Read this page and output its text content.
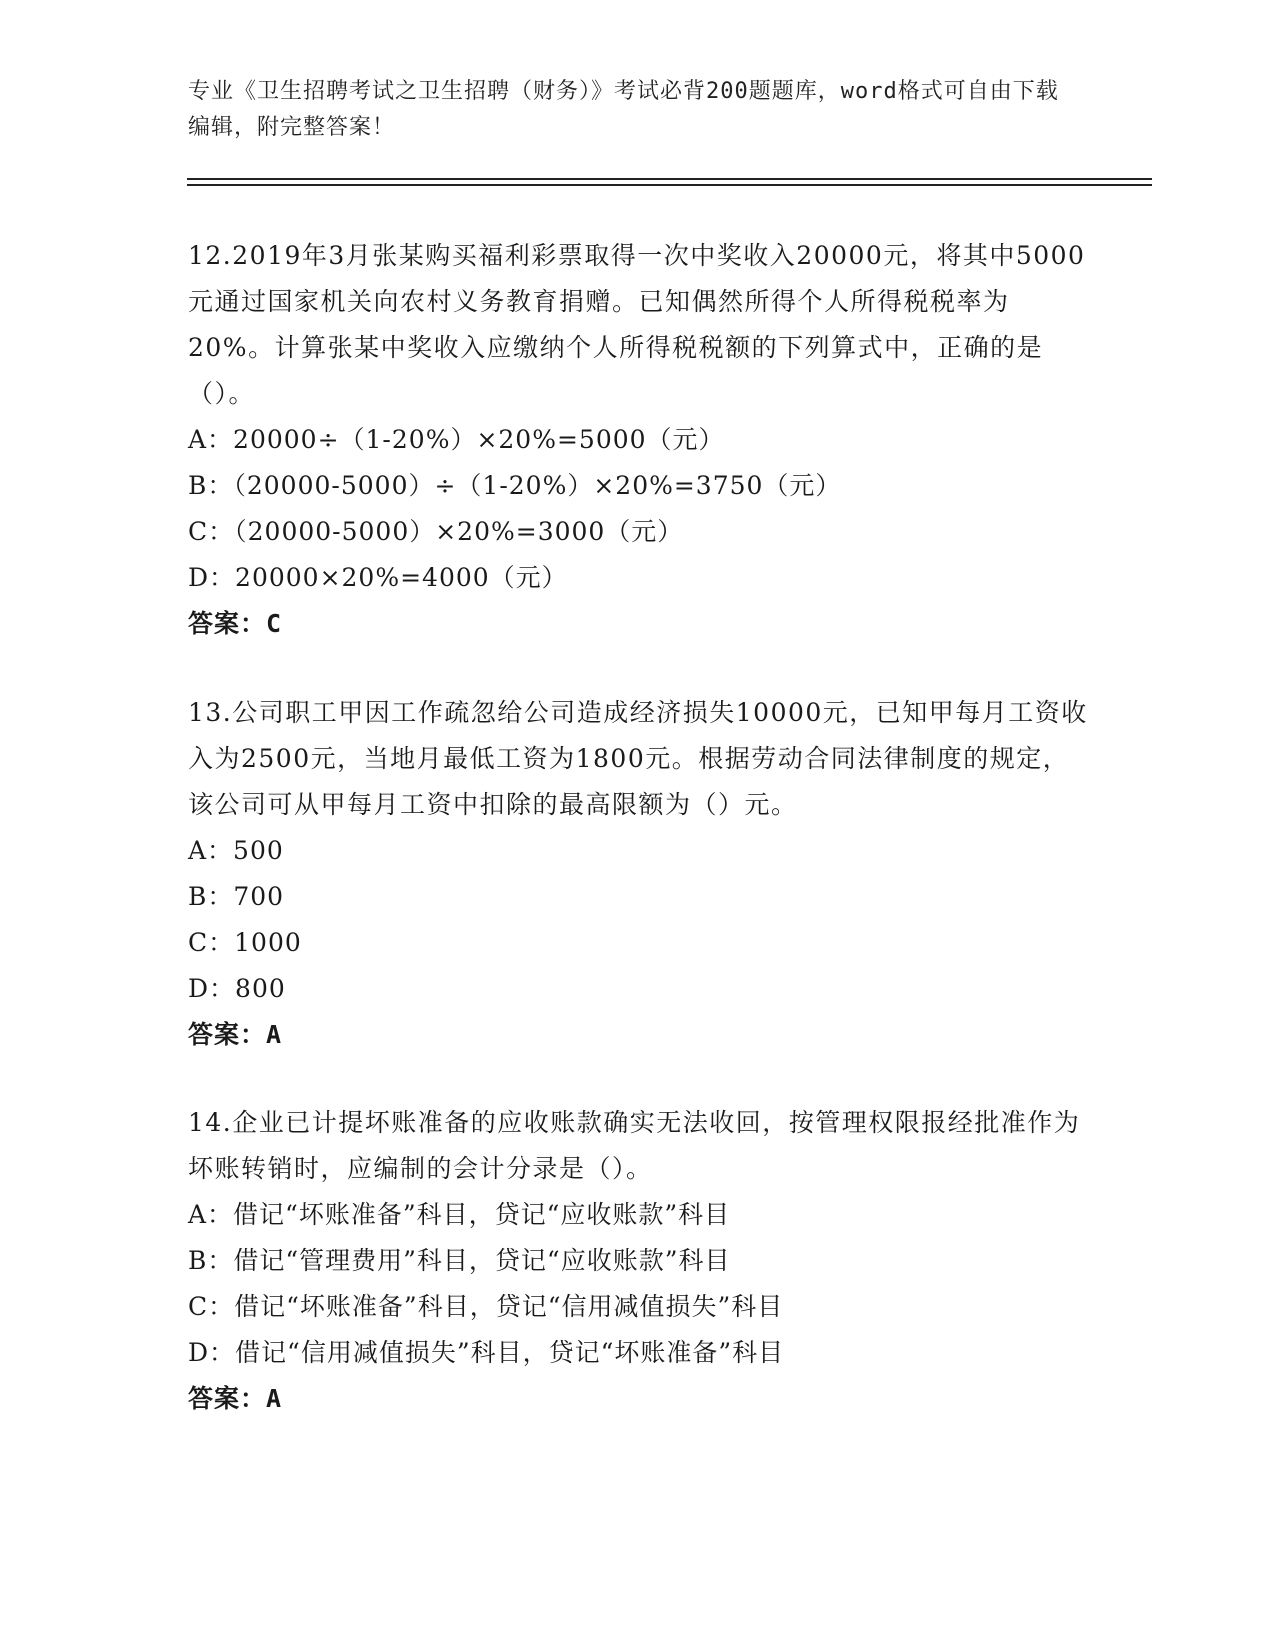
专业《卫生招聘考试之卫生招聘（财务）》考试必背200题题库，word格式可自由下载编辑，附完整答案！

12.2019年3月张某购买福利彩票取得一次中奖收入20000元，将其中5000元通过国家机关向农村义务教育捐赠。已知偶然所得个人所得税税率为20%。计算张某中奖收入应缴纳个人所得税税额的下列算式中，正确的是（）。

A：20000÷（1-20%）×20%=5000（元）

B：（20000-5000）÷（1-20%）×20%=3750（元）

C：（20000-5000）×20%=3000（元）

D：20000×20%=4000（元）

答案：C

13.公司职工甲因工作疏忽给公司造成经济损失10000元，已知甲每月工资收入为2500元，当地月最低工资为1800元。根据劳动合同法律制度的规定，该公司可从甲每月工资中扣除的最高限额为（）元。

A：500

B：700

C：1000

D：800

答案：A

14.企业已计提坏账准备的应收账款确实无法收回，按管理权限报经批准作为坏账转销时，应编制的会计分录是（）。

A：借记“坏账准备”科目，贷记“应收账款”科目

B：借记“管理费用”科目，贷记“应收账款”科目

C：借记“坏账准备”科目，贷记“信用减值损失”科目

D：借记“信用减值损失”科目，贷记“坏账准备”科目

答案：A
